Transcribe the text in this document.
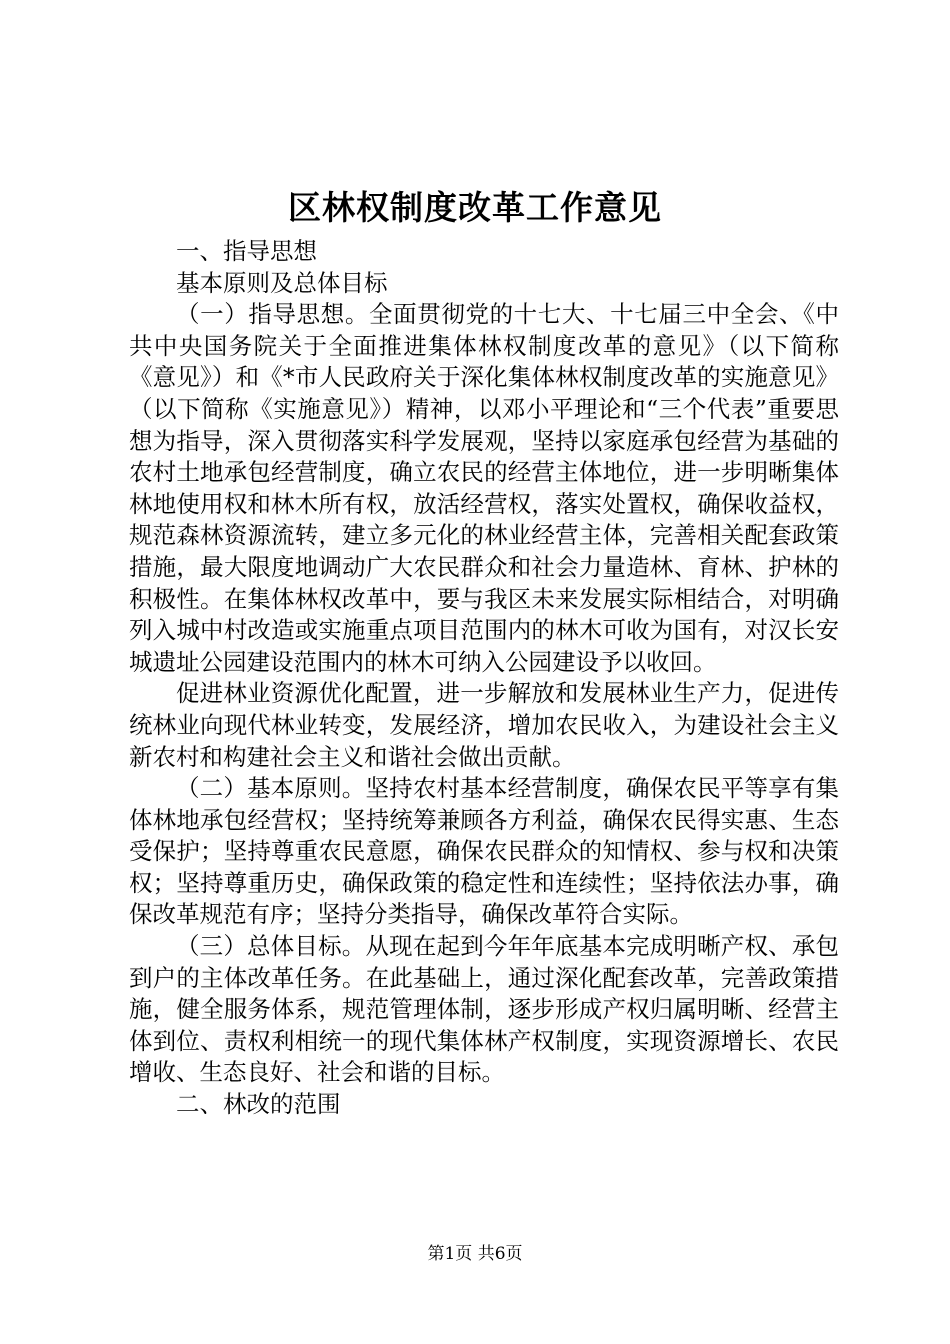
区林权制度改革工作意见

一、指导思想

基本原则及总体目标

（一）指导思想。全面贯彻党的十七大、十七届三中全会、《中共中央国务院关于全面推进集体林权制度改革的意见》（以下简称《意见》）和《*市人民政府关于深化集体林权制度改革的实施意见》（以下简称《实施意见》）精神，以邓小平理论和“三个代表”重要思想为指导，深入贯彻落实科学发展观，坚持以家庭承包经营为基础的农村土地承包经营制度，确立农民的经营主体地位，进一步明晰集体林地使用权和林木所有权，放活经营权，落实处置权，确保收益权，规范森林资源流转，建立多元化的林业经营主体，完善相关配套政策措施，最大限度地调动广大农民群众和社会力量造林、育林、护林的积极性。在集体林权改革中，要与我区未来发展实际相结合，对明确列入城中村改造或实施重点项目范围内的林木可收为国有，对汉长安城遗址公园建设范围内的林木可纳入公园建设予以收回。

促进林业资源优化配置，进一步解放和发展林业生产力，促进传统林业向现代林业转变，发展经济，增加农民收入，为建设社会主义新农村和构建社会主义和谐社会做出贡献。

（二）基本原则。坚持农村基本经营制度，确保农民平等享有集体林地承包经营权；坚持统筹兼顾各方利益，确保农民得实惠、生态受保护；坚持尊重农民意愿，确保农民群众的知情权、参与权和决策权；坚持尊重历史，确保政策的稳定性和连续性；坚持依法办事，确保改革规范有序；坚持分类指导，确保改革符合实际。

（三）总体目标。从现在起到今年年底基本完成明晰产权、承包到户的主体改革任务。在此基础上，通过深化配套改革，完善政策措施，健全服务体系，规范管理体制，逐步形成产权归属明晰、经营主体到位、责权利相统一的现代集体林产权制度，实现资源增长、农民增收、生态良好、社会和谐的目标。

二、林改的范围

第1页 共6页
